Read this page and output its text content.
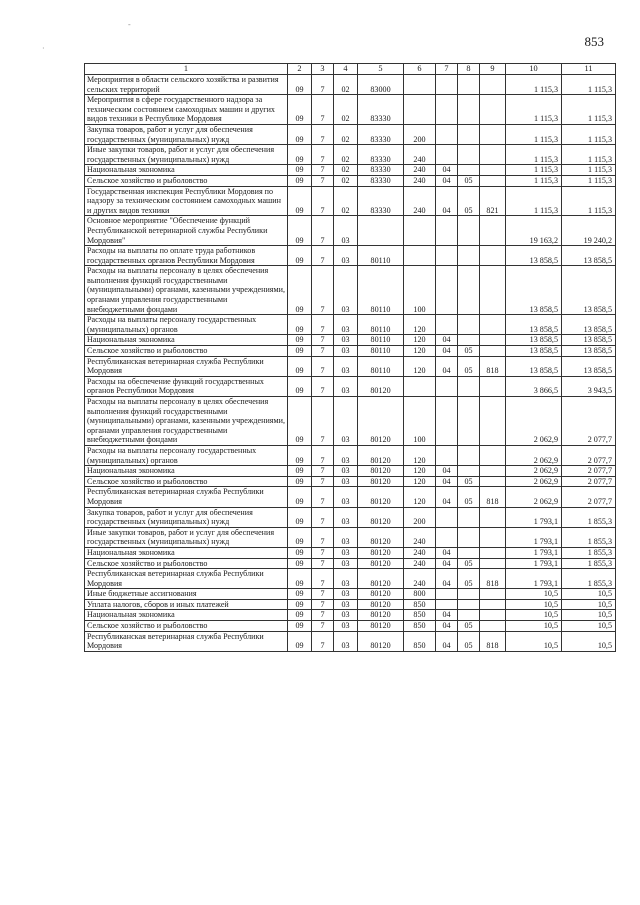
853
·
‑
1	2	3	4	5	6	7	8	9	10	11
Мероприятия в области сельского хозяйства и развития сельских территорий	09	7	02	83000					1 115,3	1 115,3
Мероприятия в сфере государственного надзора за техническим состоянием самоходных машин и других видов техники в Республике Мордовия	09	7	02	83330					1 115,3	1 115,3
Закупка товаров, работ и услуг для обеспечения государственных (муниципальных) нужд	09	7	02	83330	200				1 115,3	1 115,3
Иные закупки товаров, работ и услуг для обеспечения государственных (муниципальных) нужд	09	7	02	83330	240				1 115,3	1 115,3
Национальная экономика	09	7	02	83330	240	04			1 115,3	1 115,3
Сельское хозяйство и рыболовство	09	7	02	83330	240	04	05		1 115,3	1 115,3
Государственная инспекция Республики Мордовия по надзору за техническим состоянием самоходных машин и других видов техники	09	7	02	83330	240	04	05	821	1 115,3	1 115,3
Основное мероприятие "Обеспечение функций Республиканской ветеринарной службы Республики Мордовия"	09	7	03						19 163,2	19 240,2
Расходы на выплаты по оплате труда работников государственных органов Республики Мордовия	09	7	03	80110					13 858,5	13 858,5
Расходы на выплаты персоналу в целях обеспечения выполнения функций государственными (муниципальными) органами, казенными учреждениями, органами управления государственными внебюджетными фондами	09	7	03	80110	100				13 858,5	13 858,5
Расходы на выплаты персоналу государственных (муниципальных) органов	09	7	03	80110	120				13 858,5	13 858,5
Национальная экономика	09	7	03	80110	120	04			13 858,5	13 858,5
Сельское хозяйство и рыболовство	09	7	03	80110	120	04	05		13 858,5	13 858,5
Республиканская ветеринарная служба Республики Мордовия	09	7	03	80110	120	04	05	818	13 858,5	13 858,5
Расходы на обеспечение функций государственных органов Республики Мордовия	09	7	03	80120					3 866,5	3 943,5
Расходы на выплаты персоналу в целях обеспечения выполнения функций государственными (муниципальными) органами, казенными учреждениями, органами управления государственными внебюджетными фондами	09	7	03	80120	100				2 062,9	2 077,7
Расходы на выплаты персоналу государственных (муниципальных) органов	09	7	03	80120	120				2 062,9	2 077,7
Национальная экономика	09	7	03	80120	120	04			2 062,9	2 077,7
Сельское хозяйство и рыболовство	09	7	03	80120	120	04	05		2 062,9	2 077,7
Республиканская ветеринарная служба Республики Мордовия	09	7	03	80120	120	04	05	818	2 062,9	2 077,7
Закупка товаров, работ и услуг для обеспечения государственных (муниципальных) нужд	09	7	03	80120	200				1 793,1	1 855,3
Иные закупки товаров, работ и услуг для обеспечения государственных (муниципальных) нужд	09	7	03	80120	240				1 793,1	1 855,3
Национальная экономика	09	7	03	80120	240	04			1 793,1	1 855,3
Сельское хозяйство и рыболовство	09	7	03	80120	240	04	05		1 793,1	1 855,3
Республиканская ветеринарная служба Республики Мордовия	09	7	03	80120	240	04	05	818	1 793,1	1 855,3
Иные бюджетные ассигнования	09	7	03	80120	800				10,5	10,5
Уплата налогов, сборов и иных платежей	09	7	03	80120	850				10,5	10,5
Национальная экономика	09	7	03	80120	850	04			10,5	10,5
Сельское хозяйство и рыболовство	09	7	03	80120	850	04	05		10,5	10,5
Республиканская ветеринарная служба Республики Мордовия	09	7	03	80120	850	04	05	818	10,5	10,5
